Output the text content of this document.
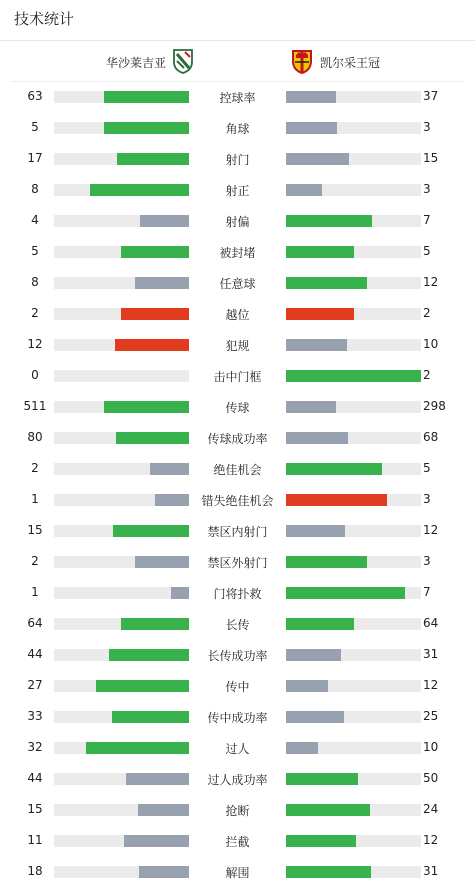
技术统计
华沙莱吉亚	凯尔采王冠
63	控球率	37
5	角球	3
17	射门	15
8	射正	3
4	射偏	7
5	被封堵	5
8	任意球	12
2	越位	2
12	犯规	10
0	击中门框	2
511	传球	298
80	传球成功率	68
2	绝佳机会	5
1	错失绝佳机会	3
15	禁区内射门	12
2	禁区外射门	3
1	门将扑救	7
64	长传	64
44	长传成功率	31
27	传中	12
33	传中成功率	25
32	过人	10
44	过人成功率	50
15	抢断	24
11	拦截	12
18	解围	31
